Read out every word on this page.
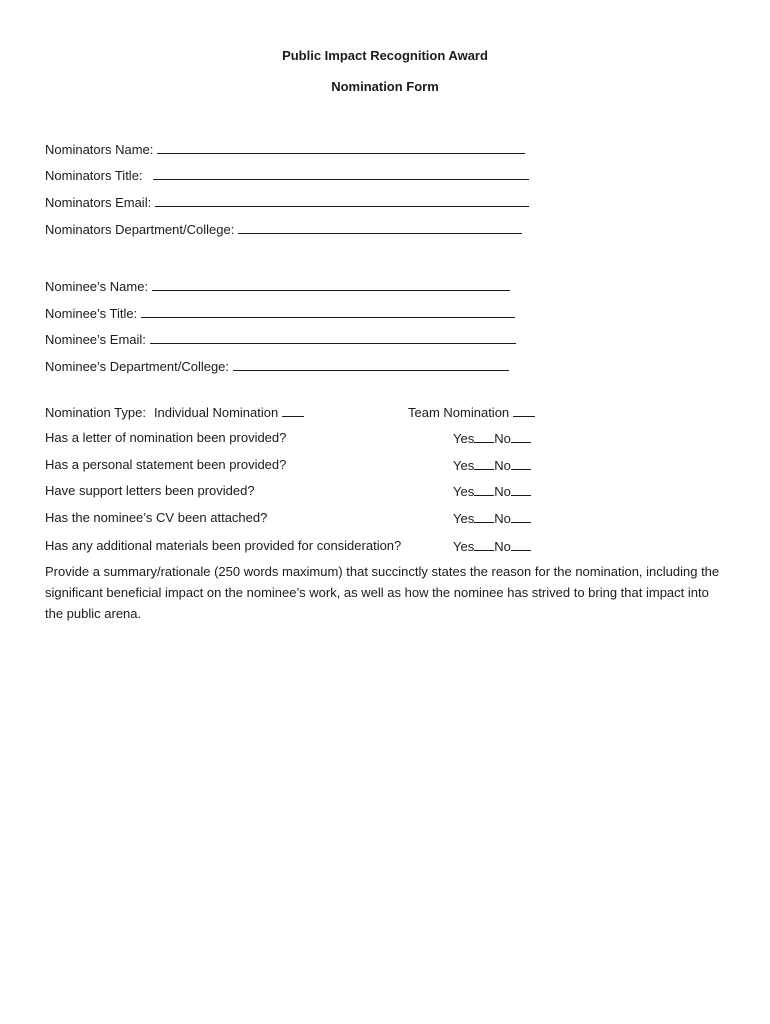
Public Impact Recognition Award
Nomination Form
Nominators Name:
Nominators Title:
Nominators Email:
Nominators Department/College:
Nominee’s Name:
Nominee’s Title:
Nominee’s Email:
Nominee’s Department/College:
Nomination Type: Individual Nomination	Team Nomination
Has a letter of nomination been provided?	Yes No
Has a personal statement been provided?	Yes No
Have support letters been provided?	Yes No
Has the nominee’s CV been attached?	Yes No
Has any additional materials been provided for consideration?	Yes No
Provide a summary/rationale (250 words maximum) that succinctly states the reason for the nomination, including the significant beneficial impact on the nominee’s work, as well as how the nominee has strived to bring that impact into the public arena.
